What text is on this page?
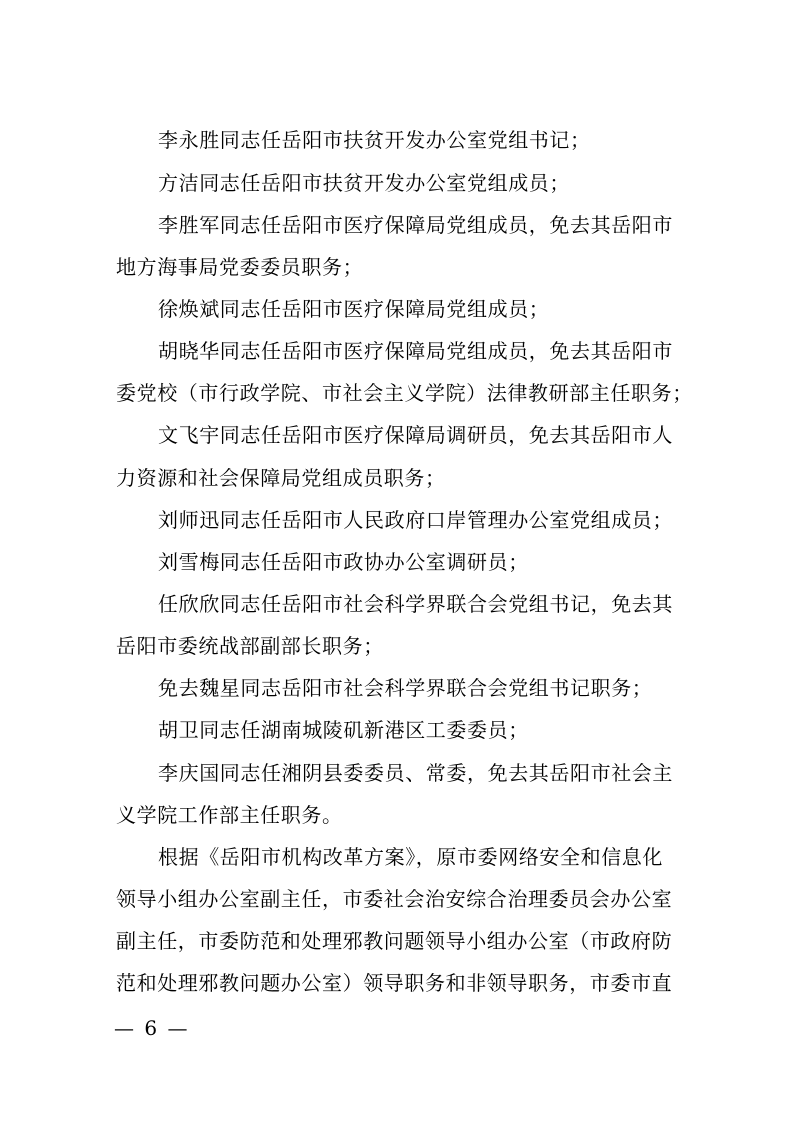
李永胜同志任岳阳市扶贫开发办公室党组书记；
方洁同志任岳阳市扶贫开发办公室党组成员；
李胜军同志任岳阳市医疗保障局党组成员，免去其岳阳市
地方海事局党委委员职务；
徐焕斌同志任岳阳市医疗保障局党组成员；
胡晓华同志任岳阳市医疗保障局党组成员，免去其岳阳市
委党校（市行政学院、市社会主义学院）法律教研部主任职务；
文飞宇同志任岳阳市医疗保障局调研员，免去其岳阳市人
力资源和社会保障局党组成员职务；
刘师迅同志任岳阳市人民政府口岸管理办公室党组成员；
刘雪梅同志任岳阳市政协办公室调研员；
任欣欣同志任岳阳市社会科学界联合会党组书记，免去其
岳阳市委统战部副部长职务；
免去魏星同志岳阳市社会科学界联合会党组书记职务；
胡卫同志任湖南城陵矶新港区工委委员；
李庆国同志任湘阴县委委员、常委，免去其岳阳市社会主
义学院工作部主任职务。
根据《岳阳市机构改革方案》，原市委网络安全和信息化
领导小组办公室副主任，市委社会治安综合治理委员会办公室
副主任，市委防范和处理邪教问题领导小组办公室（市政府防
范和处理邪教问题办公室）领导职务和非领导职务，市委市直
— 6 —
